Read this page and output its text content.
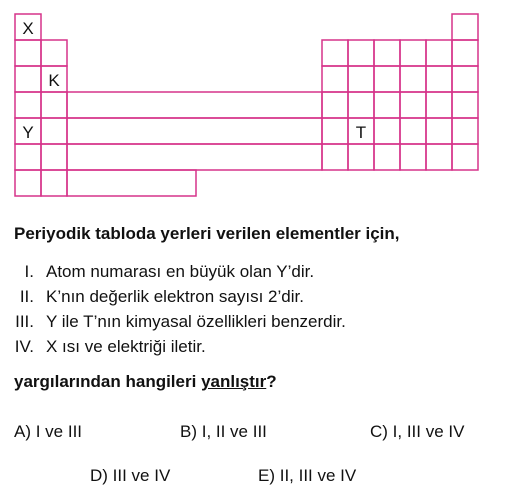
X
K
Y	T
Periyodik tabloda yerleri verilen elementler için,
I. Atom numarası en büyük olan Y’dir.
II. K’nın değerlik elektron sayısı 2’dir.
III. Y ile T’nın kimyasal özellikleri benzerdir.
IV. X ısı ve elektriği iletir.
yargılarından hangileri yanlıştır?
A) I ve III	B) I, II ve III	C) I, III ve IV
D) III ve IV	E) II, III ve IV
